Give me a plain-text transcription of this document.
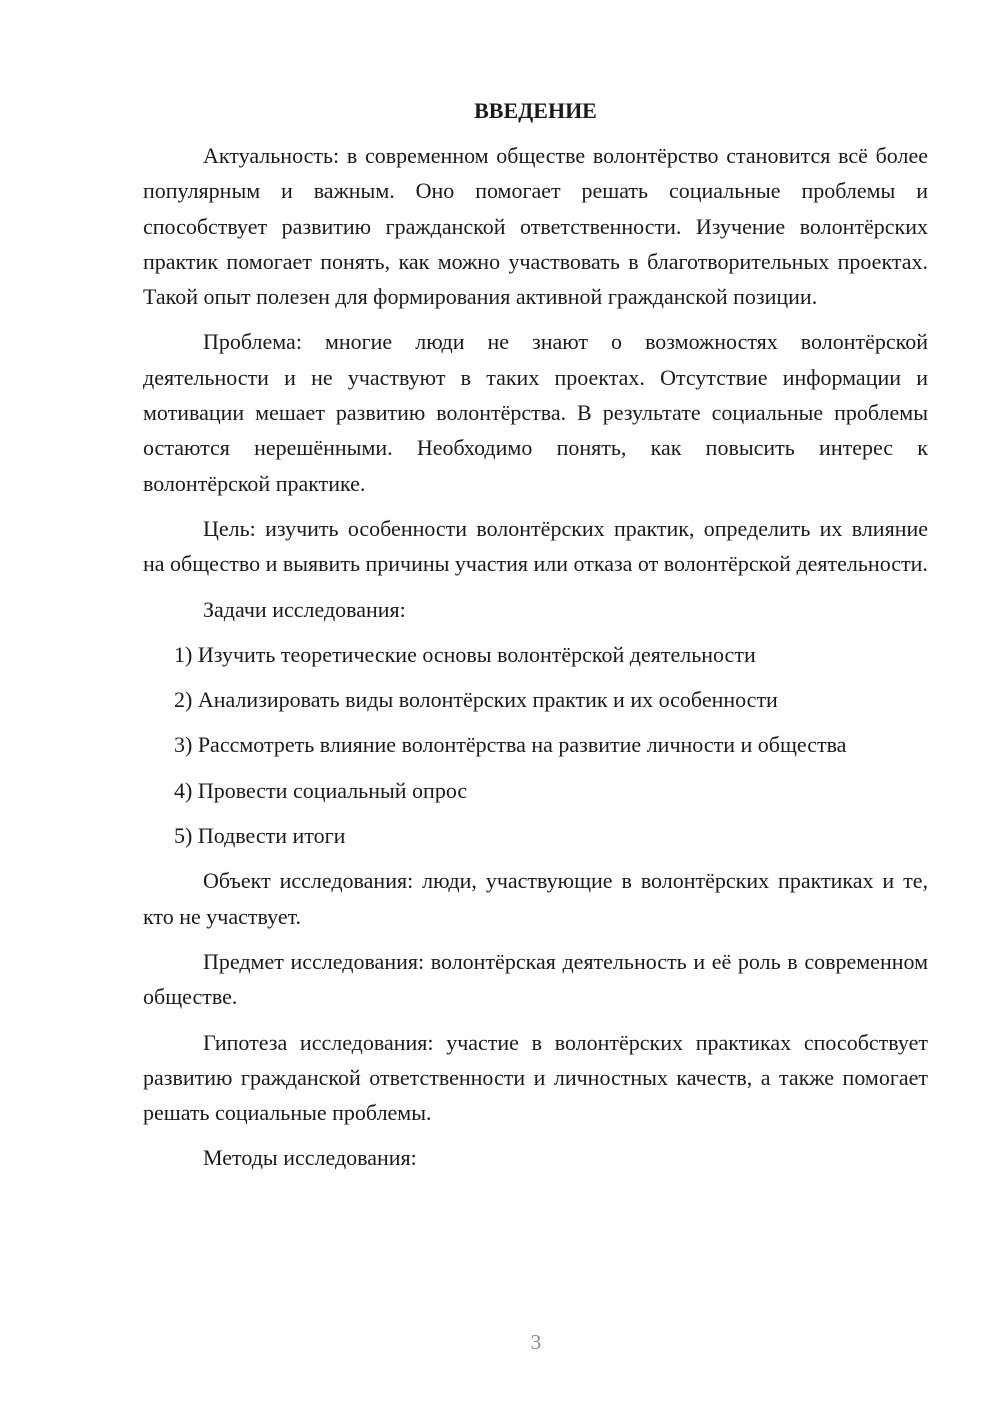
ВВЕДЕНИЕ

Актуальность: в современном обществе волонтёрство становится всё более популярным и важным. Оно помогает решать социальные проблемы и способствует развитию гражданской ответственности. Изучение волонтёрских практик помогает понять, как можно участвовать в благотворительных проектах. Такой опыт полезен для формирования активной гражданской позиции.

Проблема: многие люди не знают о возможностях волонтёрской деятельности и не участвуют в таких проектах. Отсутствие информации и мотивации мешает развитию волонтёрства. В результате социальные проблемы остаются нерешёнными. Необходимо понять, как повысить интерес к волонтёрской практике.

Цель: изучить особенности волонтёрских практик, определить их влияние на общество и выявить причины участия или отказа от волонтёрской деятельности.

Задачи исследования:

1) Изучить теоретические основы волонтёрской деятельности

2) Анализировать виды волонтёрских практик и их особенности

3) Рассмотреть влияние волонтёрства на развитие личности и общества

4) Провести социальный опрос

5) Подвести итоги

Объект исследования: люди, участвующие в волонтёрских практиках и те, кто не участвует.

Предмет исследования: волонтёрская деятельность и её роль в современном обществе.

Гипотеза исследования: участие в волонтёрских практиках способствует развитию гражданской ответственности и личностных качеств, а также помогает решать социальные проблемы.

Методы исследования:

3
